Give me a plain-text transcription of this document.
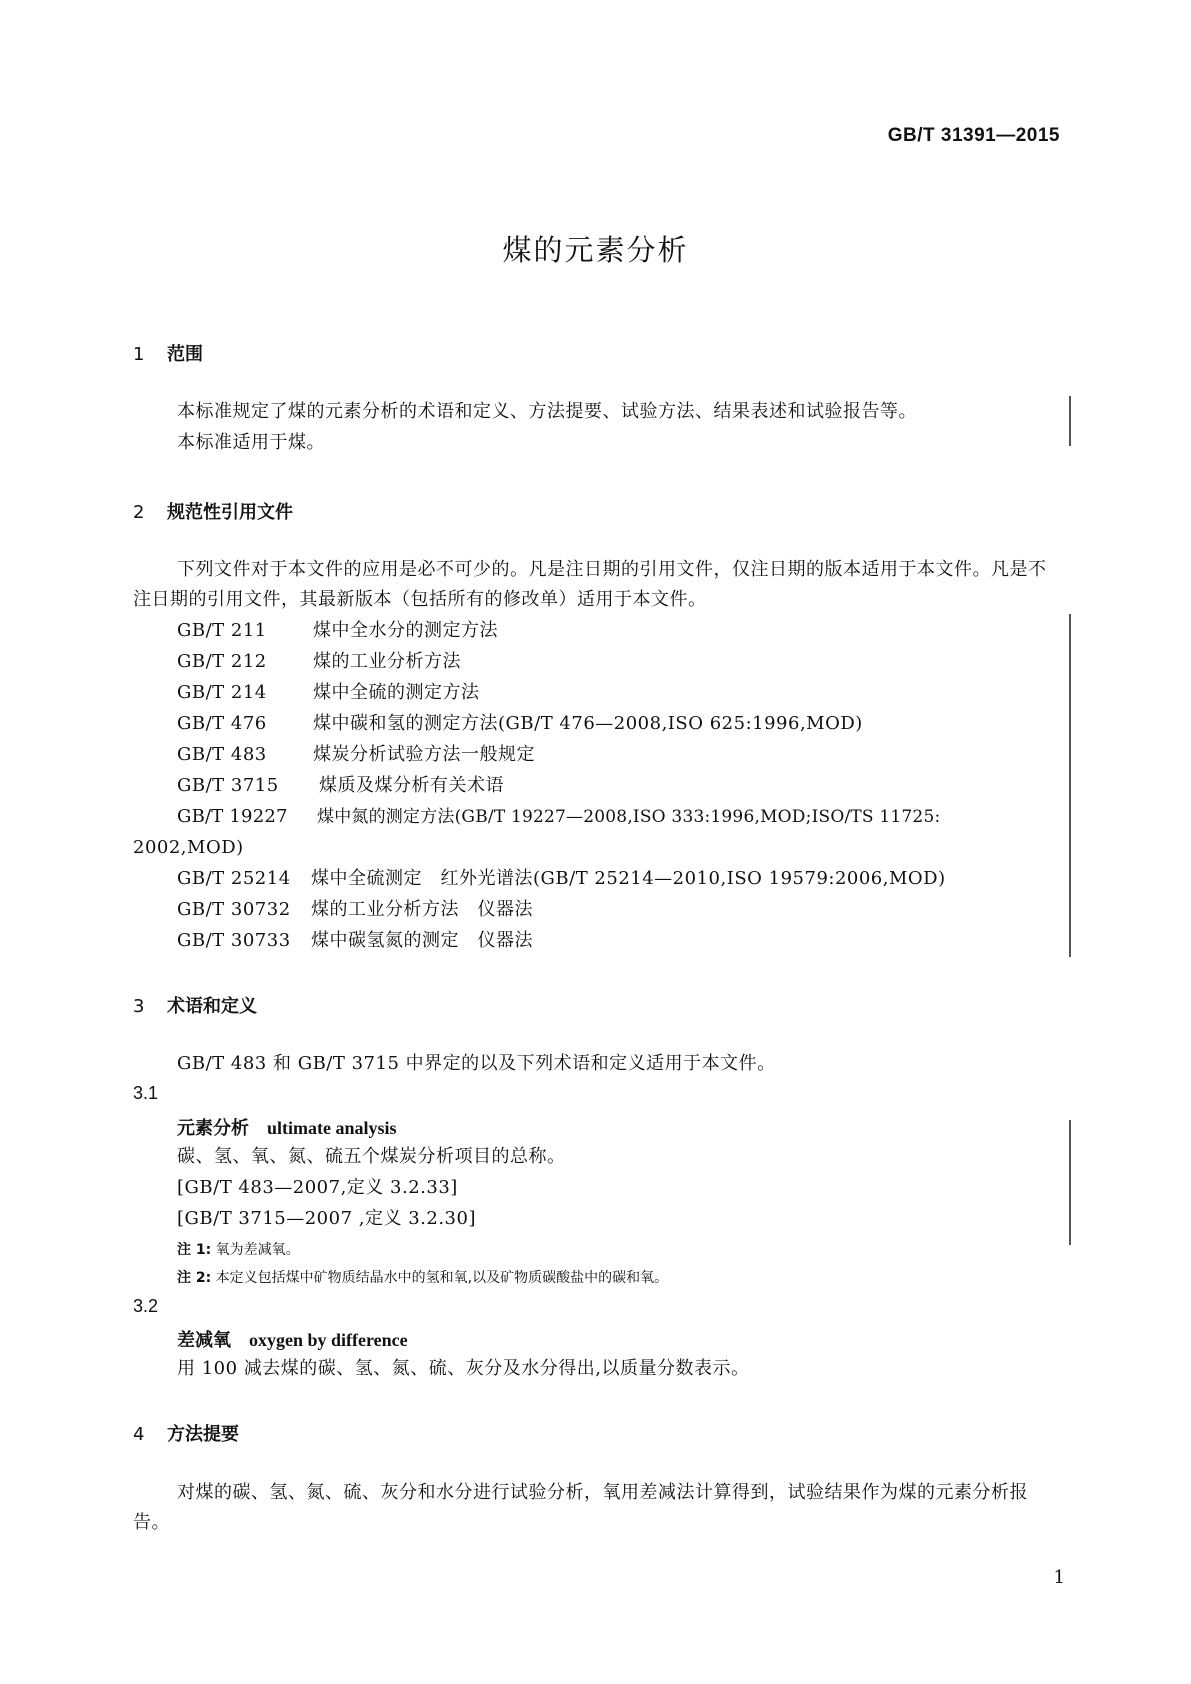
GB/T 31391—2015
煤的元素分析
1 范围
本标准规定了煤的元素分析的术语和定义、方法提要、试验方法、结果表述和试验报告等。
本标准适用于煤。
2 规范性引用文件
下列文件对于本文件的应用是必不可少的。凡是注日期的引用文件，仅注日期的版本适用于本文件。凡是不注日期的引用文件，其最新版本（包括所有的修改单）适用于本文件。
GB/T 211	煤中全水分的测定方法
GB/T 212	煤的工业分析方法
GB/T 214	煤中全硫的测定方法
GB/T 476	煤中碳和氢的测定方法(GB/T 476—2008,ISO 625:1996,MOD)
GB/T 483	煤炭分析试验方法一般规定
GB/T 3715 煤质及煤分析有关术语
GB/T 19227 煤中氮的测定方法(GB/T 19227—2008,ISO 333:1996,MOD;ISO/TS 11725:
2002,MOD)
GB/T 25214 煤中全硫测定　红外光谱法(GB/T 25214—2010,ISO 19579:2006,MOD)
GB/T 30732 煤的工业分析方法　仪器法
GB/T 30733 煤中碳氢氮的测定　仪器法
3 术语和定义
GB/T 483 和 GB/T 3715 中界定的以及下列术语和定义适用于本文件。
3.1
元素分析 ultimate analysis
碳、氢、氧、氮、硫五个煤炭分析项目的总称。
[GB/T 483—2007,定义 3.2.33]
[GB/T 3715—2007 ,定义 3.2.30]
注 1: 氧为差减氧。
注 2: 本定义包括煤中矿物质结晶水中的氢和氧,以及矿物质碳酸盐中的碳和氧。
3.2
差减氧 oxygen by difference
用 100 减去煤的碳、氢、氮、硫、灰分及水分得出,以质量分数表示。
4 方法提要
对煤的碳、氢、氮、硫、灰分和水分进行试验分析，氧用差减法计算得到，试验结果作为煤的元素分析报告。
1
